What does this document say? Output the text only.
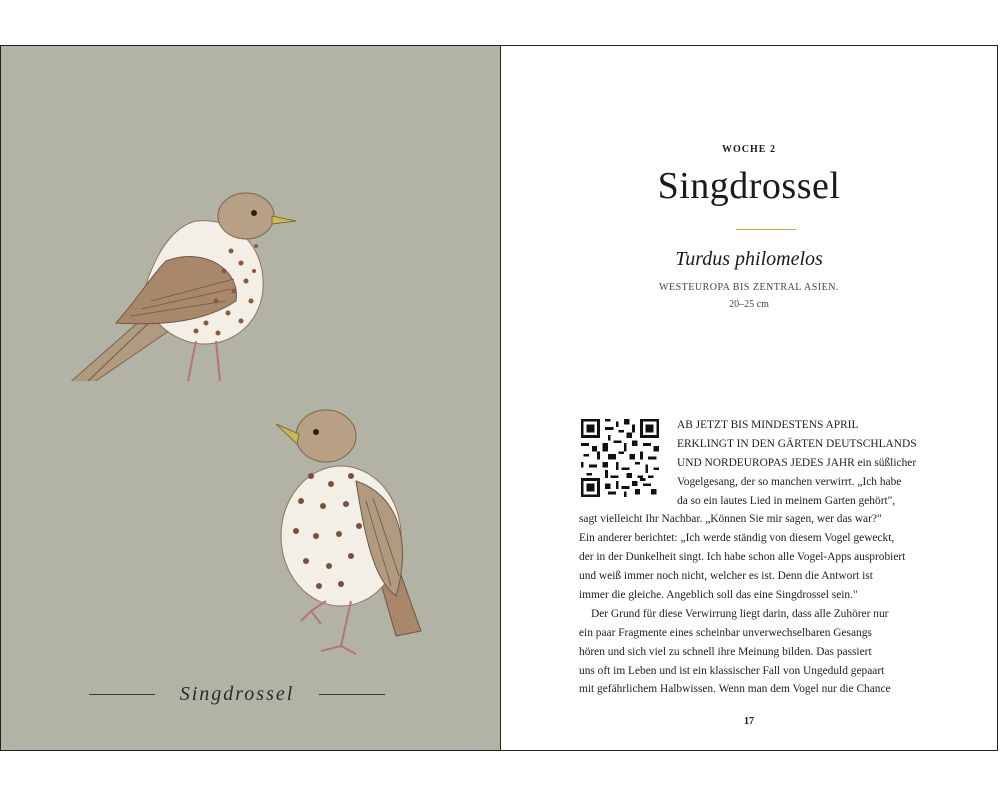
Singdrossel
WOCHE 2
Singdrossel
Turdus philomelos
WESTEUROPA BIS ZENTRAL ASIEN.
20–25 cm
AB JETZT BIS MINDESTENS APRIL
ERKLINGT IN DEN GÄRTEN DEUTSCHLANDS
UND NORDEUROPAS JEDES JAHR ein süßlicher
Vogelgesang, der so manchen verwirrt. „Ich habe
da so ein lautes Lied in meinem Garten gehört",
sagt vielleicht Ihr Nachbar. „Können Sie mir sagen, wer das war?"
Ein anderer berichtet: „Ich werde ständig von diesem Vogel geweckt,
der in der Dunkelheit singt. Ich habe schon alle Vogel-Apps ausprobiert
und weiß immer noch nicht, welcher es ist. Denn die Antwort ist
immer die gleiche. Angeblich soll das eine Singdrossel sein."
Der Grund für diese Verwirrung liegt darin, dass alle Zuhörer nur
ein paar Fragmente eines scheinbar unverwechselbaren Gesangs
hören und sich viel zu schnell ihre Meinung bilden. Das passiert
uns oft im Leben und ist ein klassischer Fall von Ungeduld gepaart
mit gefährlichem Halbwissen. Wenn man dem Vogel nur die Chance
17
